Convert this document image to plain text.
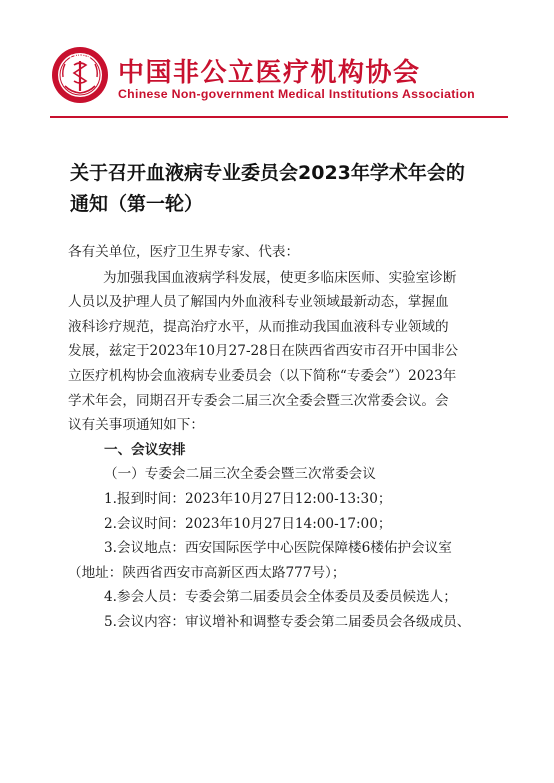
CNMIA
中国非公立医疗机构协会
Chinese Non-government Medical Institutions Association
关于召开血液病专业委员会2023年学术年会的
通知（第一轮）

各有关单位，医疗卫生界专家、代表：

为加强我国血液病学科发展，使更多临床医师、实验室诊断

人员以及护理人员了解国内外血液科专业领域最新动态，掌握血

液科诊疗规范，提高治疗水平，从而推动我国血液科专业领域的

发展，兹定于2023年10月27-28日在陕西省西安市召开中国非公

立医疗机构协会血液病专业委员会（以下简称“专委会”）2023年

学术年会，同期召开专委会二届三次全委会暨三次常委会议。会

议有关事项通知如下：

一、会议安排

（一）专委会二届三次全委会暨三次常委会议

1.报到时间：2023年10月27日12:00-13:30；

2.会议时间：2023年10月27日14:00-17:00；

3.会议地点：西安国际医学中心医院保障楼6楼佑护会议室

（地址：陕西省西安市高新区西太路777号）；

4.参会人员：专委会第二届委员会全体委员及委员候选人；

5.会议内容：审议增补和调整专委会第二届委员会各级成员、
